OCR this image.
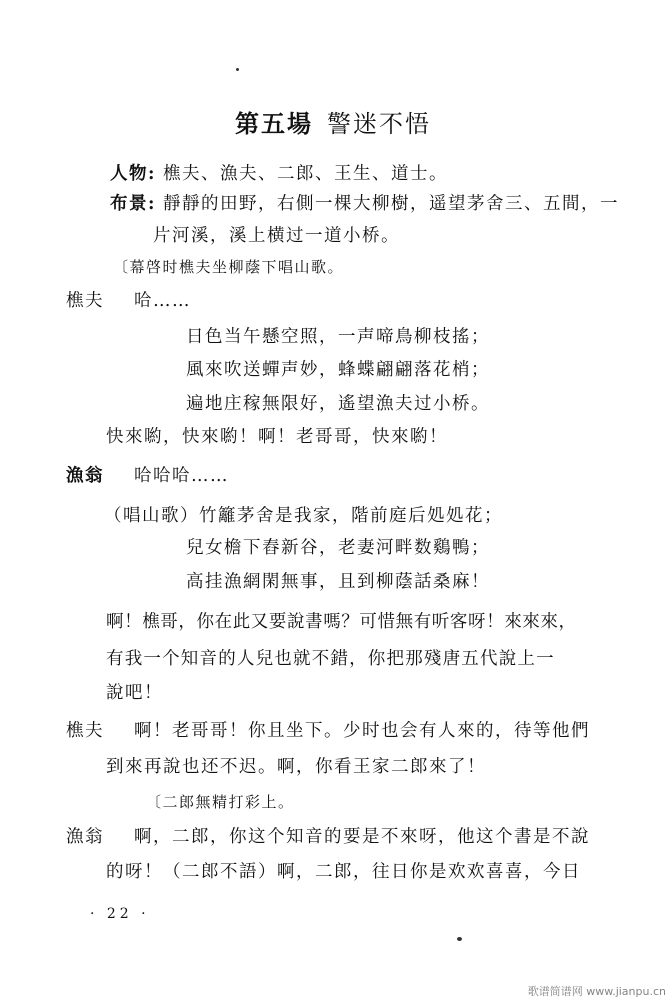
第五場 警迷不悟
人物: 樵夫、漁夫、二郎、王生、道士。
布景: 靜靜的田野，右側一棵大柳樹，遥望茅舍三、五間，一
片河溪，溪上横过一道小桥。
〔幕啓时樵夫坐柳蔭下唱山歌。
樵夫 哈……
日色当午懸空照，一声啼鳥柳枝搖；
風來吹送蟬声妙，蜂蝶翩翩落花梢；
遍地庄稼無限好，遙望漁夫过小桥。
快來喲，快來喲！啊！老哥哥，快來喲！
漁翁 哈哈哈……
（唱山歌）竹籬茅舍是我家，階前庭后処処花；
兒女檐下舂新谷，老妻河畔数鷄鴨；
高挂漁網閑無事，且到柳蔭話桑麻！
啊！樵哥，你在此又要說書嗎？可惜無有听客呀！來來來，
有我一个知音的人兒也就不錯，你把那殘唐五代說上一
說吧！
樵夫 啊！老哥哥！你且坐下。少时也会有人來的，待等他們
到來再說也还不迟。啊，你看王家二郎來了！
〔二郎無精打彩上。
漁翁 啊，二郎，你这个知音的要是不來呀，他这个書是不說
的呀！（二郎不語）啊，二郎，往日你是欢欢喜喜，今日
· 22 ·
歌谱简谱网 www.jianpu.cn
